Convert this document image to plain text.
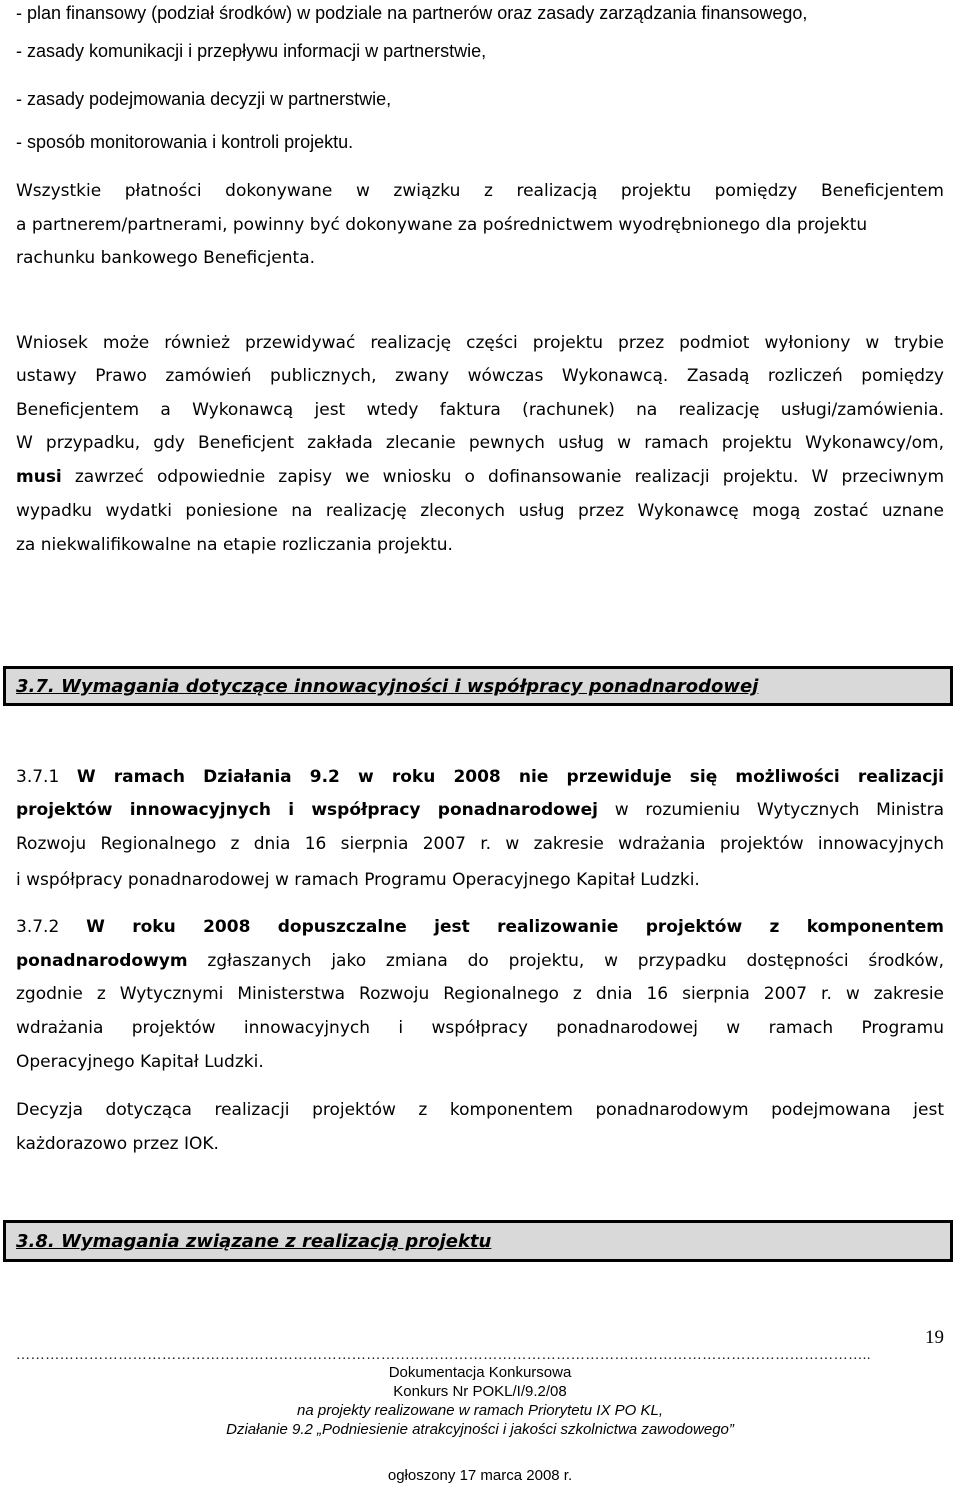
- plan finansowy (podział środków) w podziale na partnerów oraz zasady zarządzania finansowego,
- zasady komunikacji i przepływu informacji w partnerstwie,
- zasady podejmowania decyzji w partnerstwie,
- sposób monitorowania i kontroli projektu.
Wszystkie płatności dokonywane w związku z realizacją projektu pomiędzy Beneficjentem
a partnerem/partnerami, powinny być dokonywane za pośrednictwem wyodrębnionego dla projektu
rachunku bankowego Beneficjenta.
Wniosek może również przewidywać realizację części projektu przez podmiot wyłoniony w trybie
ustawy Prawo zamówień publicznych, zwany wówczas Wykonawcą. Zasadą rozliczeń pomiędzy
Beneficjentem a Wykonawcą jest wtedy faktura (rachunek) na realizację usługi/zamówienia.
W przypadku, gdy Beneficjent zakłada zlecanie pewnych usług w ramach projektu Wykonawcy/om,
musi zawrzeć odpowiednie zapisy we wniosku o dofinansowanie realizacji projektu. W przeciwnym
wypadku wydatki poniesione na realizację zleconych usług przez Wykonawcę mogą zostać uznane
za niekwalifikowalne na etapie rozliczania projektu.
3.7. Wymagania dotyczące innowacyjności i współpracy ponadnarodowej
3.7.1 W ramach Działania 9.2 w roku 2008 nie przewiduje się możliwości realizacji
projektów innowacyjnych i współpracy ponadnarodowej w rozumieniu Wytycznych Ministra
Rozwoju Regionalnego z dnia 16 sierpnia 2007 r. w zakresie wdrażania projektów innowacyjnych
i współpracy ponadnarodowej w ramach Programu Operacyjnego Kapitał Ludzki.
3.7.2 W roku 2008 dopuszczalne jest realizowanie projektów z komponentem
ponadnarodowym zgłaszanych jako zmiana do projektu, w przypadku dostępności środków,
zgodnie z Wytycznymi Ministerstwa Rozwoju Regionalnego z dnia 16 sierpnia 2007 r. w zakresie
wdrażania projektów innowacyjnych i współpracy ponadnarodowej w ramach Programu
Operacyjnego Kapitał Ludzki.
Decyzja dotycząca realizacji projektów z komponentem ponadnarodowym podejmowana jest
każdorazowo przez IOK.
3.8. Wymagania związane z realizacją projektu
19
…………………………………………………………………………………………………………………………………………………………..
Dokumentacja Konkursowa
Konkurs Nr POKL/I/9.2/08
na projekty realizowane w ramach Priorytetu IX PO KL,
Działanie 9.2 „Podniesienie atrakcyjności i jakości szkolnictwa zawodowego”
ogłoszony 17 marca 2008 r.
